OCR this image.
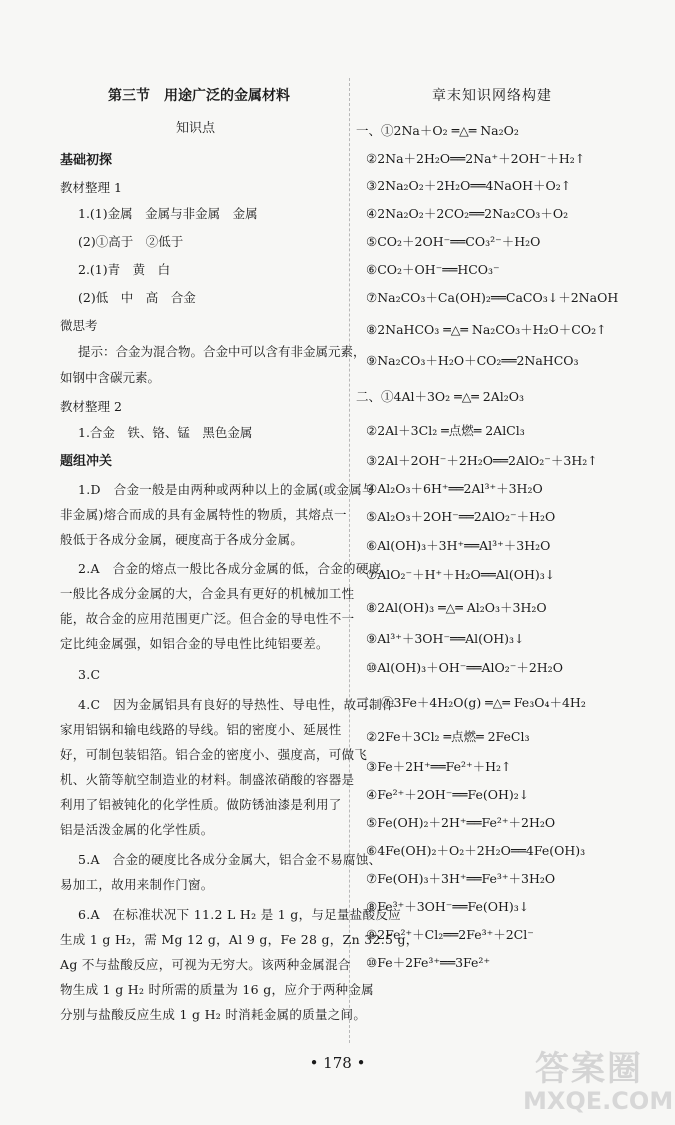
第三节　用途广泛的金属材料
知识点
基础初探
教材整理 1
1.(1)金属　金属与非金属　金属
(2)①高于　②低于
2.(1)青　黄　白
(2)低　中　高　合金
微思考
提示：合金为混合物。合金中可以含有非金属元素，
如钢中含碳元素。
教材整理 2
1.合金　铁、铬、锰　黑色金属
题组冲关
1.D　合金一般是由两种或两种以上的金属(或金属与
非金属)熔合而成的具有金属特性的物质，其熔点一
般低于各成分金属，硬度高于各成分金属。
2.A　合金的熔点一般比各成分金属的低，合金的硬度
一般比各成分金属的大，合金具有更好的机械加工性
能，故合金的应用范围更广泛。但合金的导电性不一
定比纯金属强，如铝合金的导电性比纯铝要差。
3.C
4.C　因为金属铝具有良好的导热性、导电性，故可制作
家用铝锅和输电线路的导线。铝的密度小、延展性
好，可制包装铝箔。铝合金的密度小、强度高，可做飞
机、火箭等航空制造业的材料。制盛浓硝酸的容器是
利用了铝被钝化的化学性质。做防锈油漆是利用了
铝是活泼金属的化学性质。
5.A　合金的硬度比各成分金属大，铝合金不易腐蚀、
易加工，故用来制作门窗。
6.A　在标准状况下 11.2 L H₂ 是 1 g，与足量盐酸反应
生成 1 g H₂，需 Mg 12 g，Al 9 g，Fe 28 g，Zn 32.5 g，
Ag 不与盐酸反应，可视为无穷大。该两种金属混合
物生成 1 g H₂ 时所需的质量为 16 g，应介于两种金属
分别与盐酸反应生成 1 g H₂ 时消耗金属的质量之间。
章末知识网络构建
一、①2Na＋O₂ ═△═ Na₂O₂
②2Na＋2H₂O══2Na⁺＋2OH⁻＋H₂↑
③2Na₂O₂＋2H₂O══4NaOH＋O₂↑
④2Na₂O₂＋2CO₂══2Na₂CO₃＋O₂
⑤CO₂＋2OH⁻══CO₃²⁻＋H₂O
⑥CO₂＋OH⁻══HCO₃⁻
⑦Na₂CO₃＋Ca(OH)₂══CaCO₃↓＋2NaOH
⑧2NaHCO₃ ═△═ Na₂CO₃＋H₂O＋CO₂↑
⑨Na₂CO₃＋H₂O＋CO₂══2NaHCO₃
二、①4Al＋3O₂ ═△═ 2Al₂O₃
②2Al＋3Cl₂ ═点燃═ 2AlCl₃
③2Al＋2OH⁻＋2H₂O══2AlO₂⁻＋3H₂↑
④Al₂O₃＋6H⁺══2Al³⁺＋3H₂O
⑤Al₂O₃＋2OH⁻══2AlO₂⁻＋H₂O
⑥Al(OH)₃＋3H⁺══Al³⁺＋3H₂O
⑦AlO₂⁻＋H⁺＋H₂O══Al(OH)₃↓
⑧2Al(OH)₃ ═△═ Al₂O₃＋3H₂O
⑨Al³⁺＋3OH⁻══Al(OH)₃↓
⑩Al(OH)₃＋OH⁻══AlO₂⁻＋2H₂O
三、①3Fe＋4H₂O(g) ═△═ Fe₃O₄＋4H₂
②2Fe＋3Cl₂ ═点燃═ 2FeCl₃
③Fe＋2H⁺══Fe²⁺＋H₂↑
④Fe²⁺＋2OH⁻══Fe(OH)₂↓
⑤Fe(OH)₂＋2H⁺══Fe²⁺＋2H₂O
⑥4Fe(OH)₂＋O₂＋2H₂O══4Fe(OH)₃
⑦Fe(OH)₃＋3H⁺══Fe³⁺＋3H₂O
⑧Fe³⁺＋3OH⁻══Fe(OH)₃↓
⑨2Fe²⁺＋Cl₂══2Fe³⁺＋2Cl⁻
⑩Fe＋2Fe³⁺══3Fe²⁺
• 178 •	答案圈
MXQE.COM
